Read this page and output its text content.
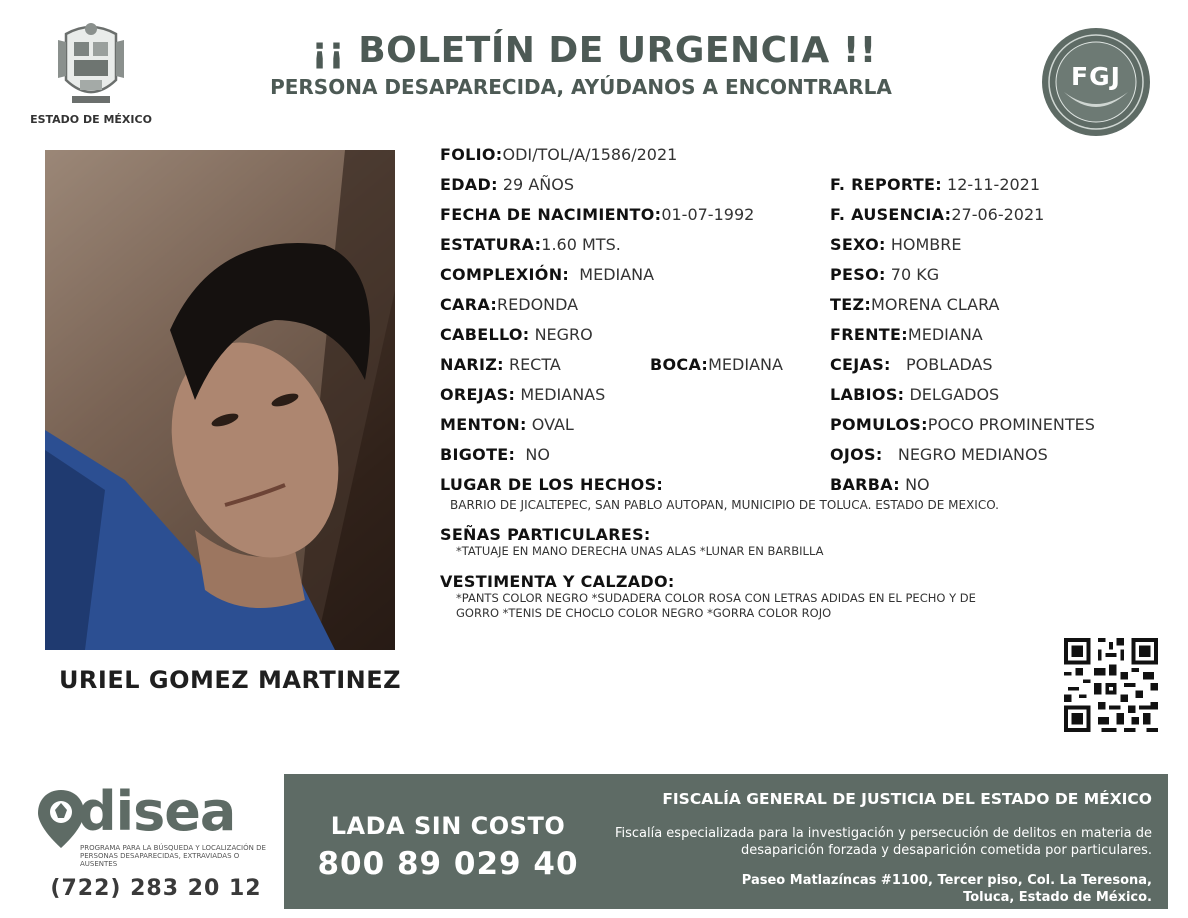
ESTADO DE MÉXICO
¡¡ BOLETÍN DE URGENCIA !!
PERSONA DESAPARECIDA, AYÚDANOS A ENCONTRARLA	FGJ
URIEL GOMEZ MARTINEZ
FOLIO:ODI/TOL/A/1586/2021
EDAD: 29 AÑOS	F. REPORTE: 12-11-2021
FECHA DE NACIMIENTO:01-07-1992	F. AUSENCIA:27-06-2021
ESTATURA:1.60 MTS.	SEXO: HOMBRE
COMPLEXIÓN: MEDIANA	PESO: 70 KG
CARA:REDONDA	TEZ:MORENA CLARA
CABELLO: NEGRO	FRENTE:MEDIANA
NARIZ: RECTA	BOCA:MEDIANA	CEJAS: POBLADAS
OREJAS: MEDIANAS	LABIOS: DELGADOS
MENTON: OVAL	POMULOS:POCO PROMINENTES
BIGOTE: NO	OJOS: NEGRO MEDIANOS
LUGAR DE LOS HECHOS:	BARBA: NO
BARRIO DE JICALTEPEC, SAN PABLO AUTOPAN, MUNICIPIO DE TOLUCA. ESTADO DE MEXICO.
SEÑAS PARTICULARES:
*TATUAJE EN MANO DERECHA UNAS ALAS *LUNAR EN BARBILLA
VESTIMENTA Y CALZADO:
*PANTS COLOR NEGRO *SUDADERA COLOR ROSA CON LETRAS ADIDAS EN EL PECHO Y DE
GORRO *TENIS DE CHOCLO COLOR NEGRO *GORRA COLOR ROJO
disea
PROGRAMA PARA LA BÚSQUEDA Y LOCALIZACIÓN DE PERSONAS DESAPARECIDAS, EXTRAVIADAS O AUSENTES
(722) 283 20 12
LADA SIN COSTO
800 89 029 40
FISCALÍA GENERAL DE JUSTICIA DEL ESTADO DE MÉXICO
Fiscalía especializada para la investigación y persecución de delitos en materia de desaparición forzada y desaparición cometida por particulares.
Paseo Matlazíncas #1100, Tercer piso, Col. La Teresona,
Toluca, Estado de México.
